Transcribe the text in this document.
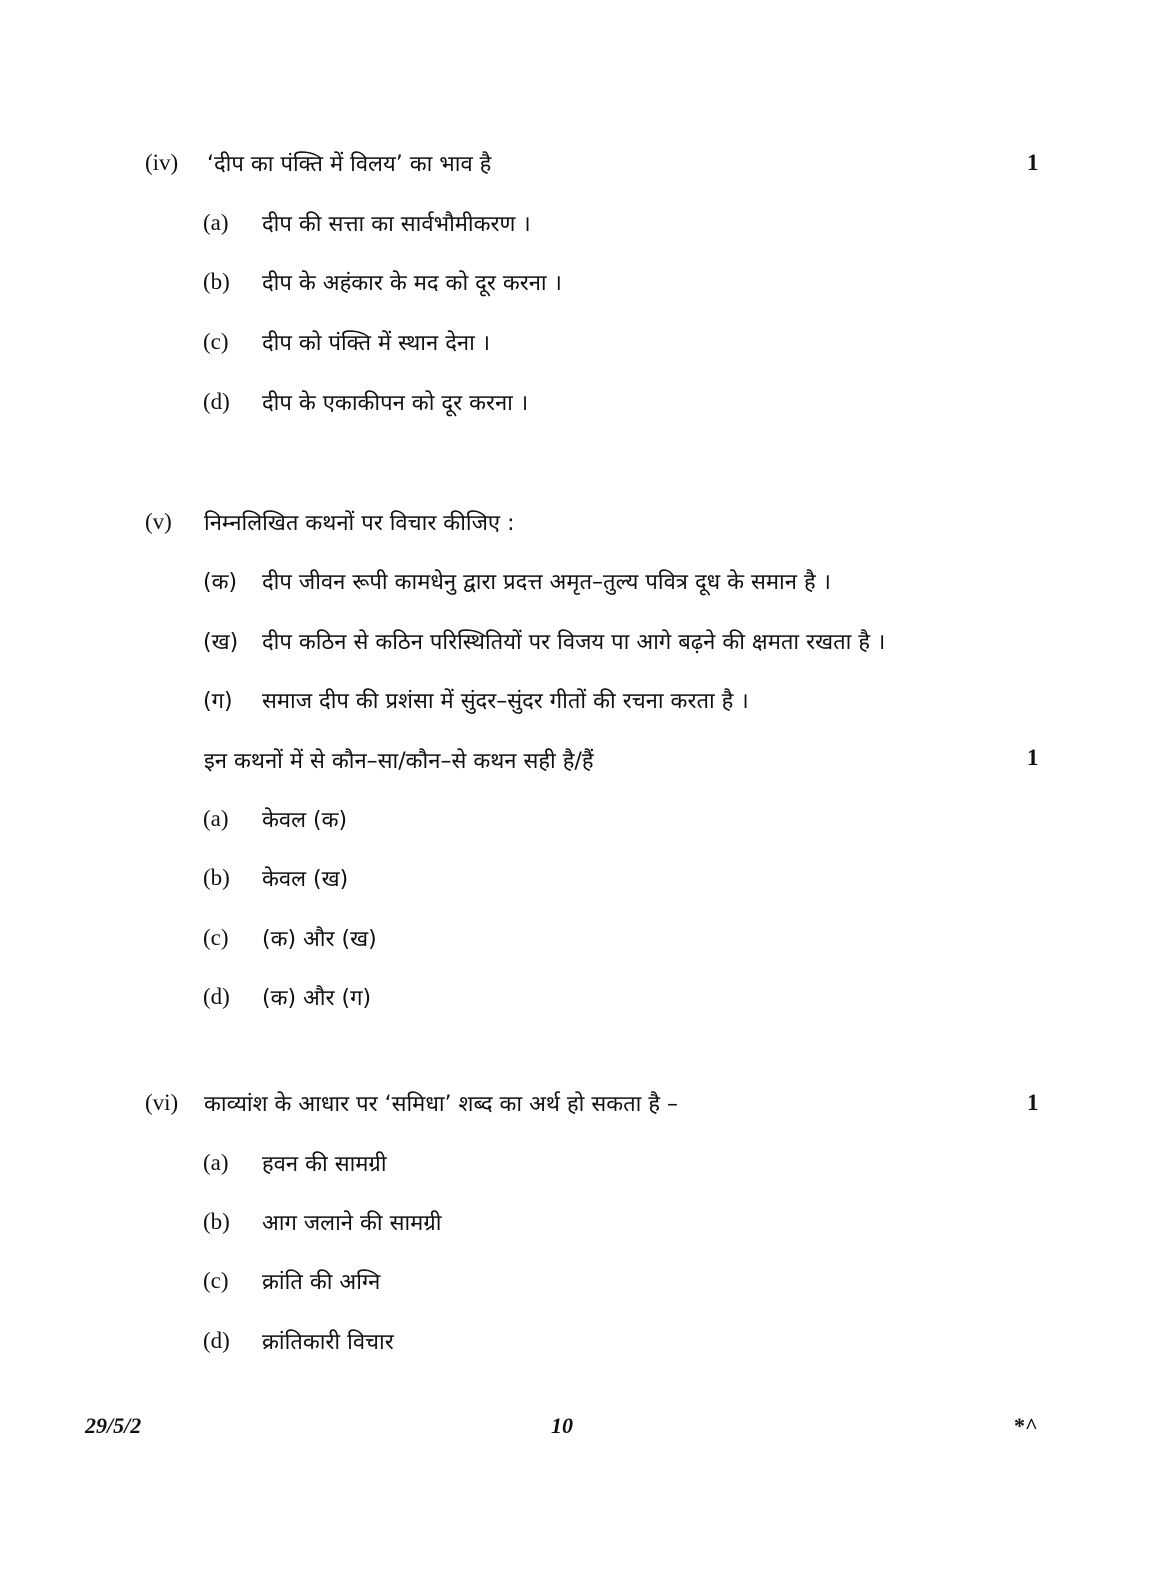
(iv) ‘दीप का पंक्ति में विलय’ का भाव है	1
(a) दीप की सत्ता का सार्वभौमीकरण ।
(b) दीप के अहंकार के मद को दूर करना ।
(c) दीप को पंक्ति में स्थान देना ।
(d) दीप के एकाकीपन को दूर करना ।
(v) निम्नलिखित कथनों पर विचार कीजिए :
(क) दीप जीवन रूपी कामधेनु द्वारा प्रदत्त अमृत–तुल्य पवित्र दूध के समान है ।
(ख) दीप कठिन से कठिन परिस्थितियों पर विजय पा आगे बढ़ने की क्षमता रखता है ।
(ग) समाज दीप की प्रशंसा में सुंदर–सुंदर गीतों की रचना करता है ।
इन कथनों में से कौन–सा/कौन–से कथन सही है/हैं	1
(a) केवल (क)
(b) केवल (ख)
(c) (क) और (ख)
(d) (क) और (ग)
(vi) काव्यांश के आधार पर ‘समिधा’ शब्द का अर्थ हो सकता है –	1
(a) हवन की सामग्री
(b) आग जलाने की सामग्री
(c) क्रांति की अग्नि
(d) क्रांतिकारी विचार
29/5/2	10	*^
